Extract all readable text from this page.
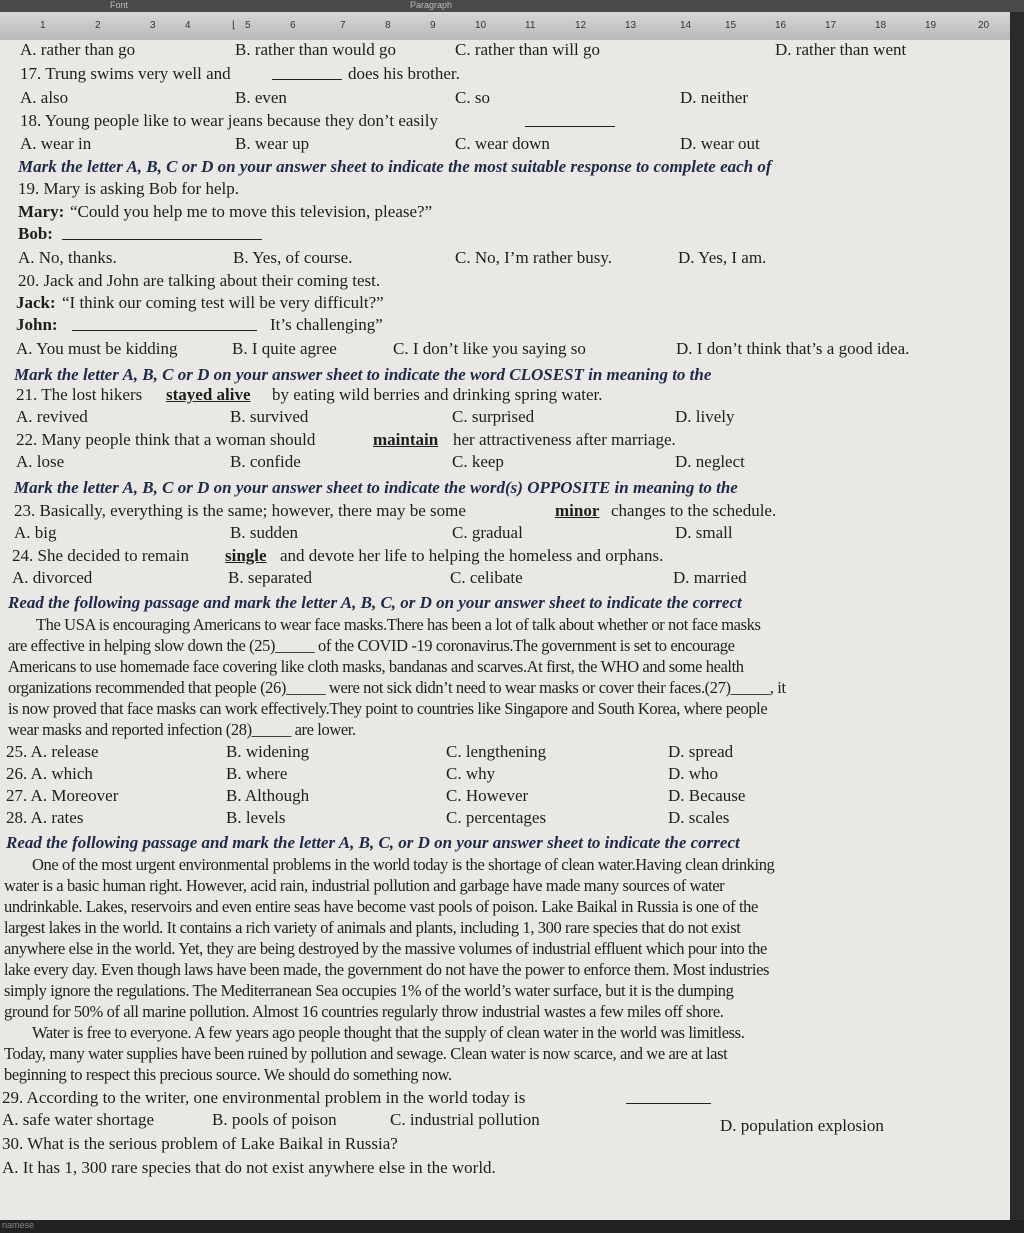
Font	Paragraph
1	2	3	4	⌊ 5	6	7	8	9	10	11	12	13	14	15	16	17	18	19	20
A. rather than go	B. rather than would go	C. rather than will go	D. rather than went
17. Trung swims very well and	does his brother.
A. also	B. even	C. so	D. neither
18. Young people like to wear jeans because they don’t easily
A. wear in	B. wear up	C. wear down	D. wear out
Mark the letter A, B, C or D on your answer sheet to indicate the most suitable response to complete each of
19. Mary is asking Bob for help.
Mary: “Could you help me to move this television, please?”
Bob:
A. No, thanks.	B. Yes, of course.	C. No, I’m rather busy.	D. Yes, I am.
20. Jack and John are talking about their coming test.
Jack: “I think our coming test will be very difficult?”
John:	It’s challenging”
A. You must be kidding	B. I quite agree	C. I don’t like you saying so	D. I don’t think that’s a good idea.
Mark the letter A, B, C or D on your answer sheet to indicate the word CLOSEST in meaning to the
21. The lost hikers stayed alive by eating wild berries and drinking spring water.
A. revived	B. survived	C. surprised	D. lively
22. Many people think that a woman should	maintain her attractiveness after marriage.
A. lose	B. confide	C. keep	D. neglect
Mark the letter A, B, C or D on your answer sheet to indicate the word(s) OPPOSITE in meaning to the
23. Basically, everything is the same; however, there may be some	minor changes to the schedule.
A. big	B. sudden	C. gradual	D. small
24. She decided to remain single and devote her life to helping the homeless and orphans.
A. divorced	B. separated	C. celibate	D. married
Read the following passage and mark the letter A, B, C, or D on your answer sheet to indicate the correct
The USA is encouraging Americans to wear face masks.There has been a lot of talk about whether or not face masks
are effective in helping slow down the (25)_____ of the COVID -19 coronavirus.The government is set to encourage
Americans to use homemade face covering like cloth masks, bandanas and scarves.At first, the WHO and some health
organizations recommended that people (26)_____ were not sick didn’t need to wear masks or cover their faces.(27)_____, it
is now proved that face masks can work effectively.They point to countries like Singapore and South Korea, where people
wear masks and reported infection (28)_____ are lower.
25. A. release	B. widening	C. lengthening	D. spread
26. A. which	B. where	C. why	D. who
27. A. Moreover	B. Although	C. However	D. Because
28. A. rates	B. levels	C. percentages	D. scales
Read the following passage and mark the letter A, B, C, or D on your answer sheet to indicate the correct
One of the most urgent environmental problems in the world today is the shortage of clean water.Having clean drinking
water is a basic human right. However, acid rain, industrial pollution and garbage have made many sources of water
undrinkable. Lakes, reservoirs and even entire seas have become vast pools of poison. Lake Baikal in Russia is one of the
largest lakes in the world. It contains a rich variety of animals and plants, including 1, 300 rare species that do not exist
anywhere else in the world. Yet, they are being destroyed by the massive volumes of industrial effluent which pour into the
lake every day. Even though laws have been made, the government do not have the power to enforce them. Most industries
simply ignore the regulations. The Mediterranean Sea occupies 1% of the world’s water surface, but it is the dumping
ground for 50% of all marine pollution. Almost 16 countries regularly throw industrial wastes a few miles off shore.
Water is free to everyone. A few years ago people thought that the supply of clean water in the world was limitless.
Today, many water supplies have been ruined by pollution and sewage. Clean water is now scarce, and we are at last
beginning to respect this precious source. We should do something now.
29. According to the writer, one environmental problem in the world today is
A. safe water shortage	B. pools of poison	C. industrial pollution	D. population explosion
30. What is the serious problem of Lake Baikal in Russia?
A. It has 1, 300 rare species that do not exist anywhere else in the world.
namese
